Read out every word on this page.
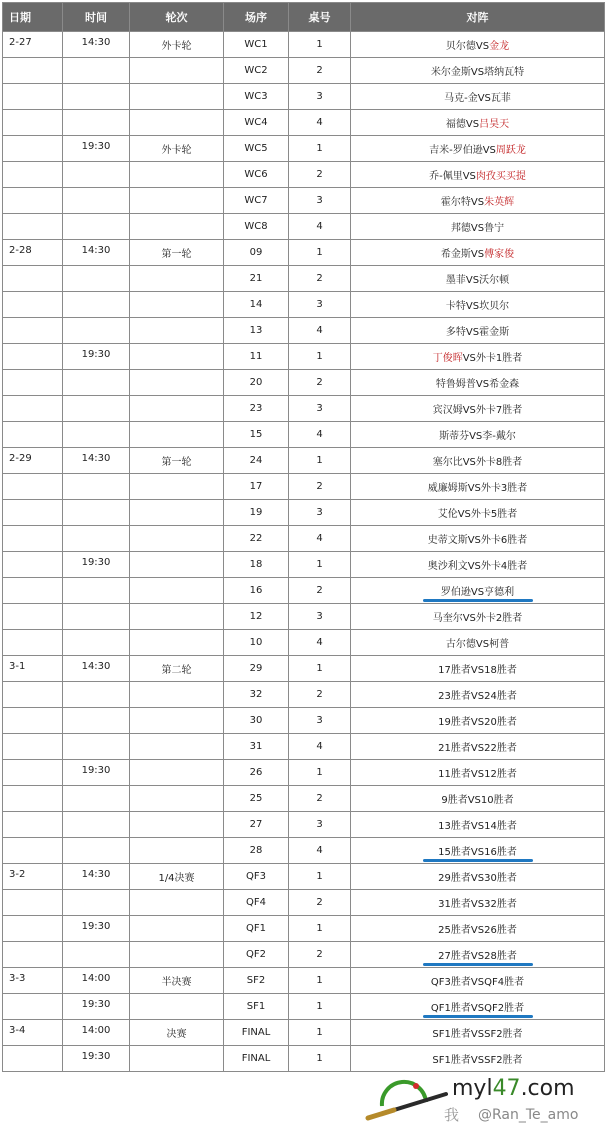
日期	时间	轮次	场序	桌号	对阵
2-27	14:30	外卡轮	WC1	1	贝尔德VS金龙
			WC2	2	米尔金斯VS塔纳瓦特
			WC3	3	马克-金VS瓦菲
			WC4	4	福德VS吕昊天
	19:30	外卡轮	WC5	1	吉米-罗伯逊VS周跃龙
			WC6	2	乔-佩里VS肉孜买买提
			WC7	3	霍尔特VS朱英辉
			WC8	4	邦德VS鲁宁
2-28	14:30	第一轮	09	1	希金斯VS傅家俊
			21	2	墨菲VS沃尔顿
			14	3	卡特VS坎贝尔
			13	4	多特VS霍金斯
	19:30		11	1	丁俊晖VS外卡1胜者
			20	2	特鲁姆普VS希金森
			23	3	宾汉姆VS外卡7胜者
			15	4	斯蒂芬VS李-戴尔
2-29	14:30	第一轮	24	1	塞尔比VS外卡8胜者
			17	2	威廉姆斯VS外卡3胜者
			19	3	艾伦VS外卡5胜者
			22	4	史蒂文斯VS外卡6胜者
	19:30		18	1	奥沙利文VS外卡4胜者
			16	2	罗伯逊VS亨德利
			12	3	马奎尔VS外卡2胜者
			10	4	古尔德VS柯普
3-1	14:30	第二轮	29	1	17胜者VS18胜者
			32	2	23胜者VS24胜者
			30	3	19胜者VS20胜者
			31	4	21胜者VS22胜者
	19:30		26	1	11胜者VS12胜者
			25	2	9胜者VS10胜者
			27	3	13胜者VS14胜者
			28	4	15胜者VS16胜者
3-2	14:30	1/4决赛	QF3	1	29胜者VS30胜者
			QF4	2	31胜者VS32胜者
	19:30		QF1	1	25胜者VS26胜者
			QF2	2	27胜者VS28胜者
3-3	14:00	半决赛	SF2	1	QF3胜者VSQF4胜者
	19:30		SF1	1	QF1胜者VSQF2胜者
3-4	14:00	决赛	FINAL	1	SF1胜者VSSF2胜者
	19:30		FINAL	1	SF1胜者VSSF2胜者
myl47.com
我 @Ran_Te_amo
